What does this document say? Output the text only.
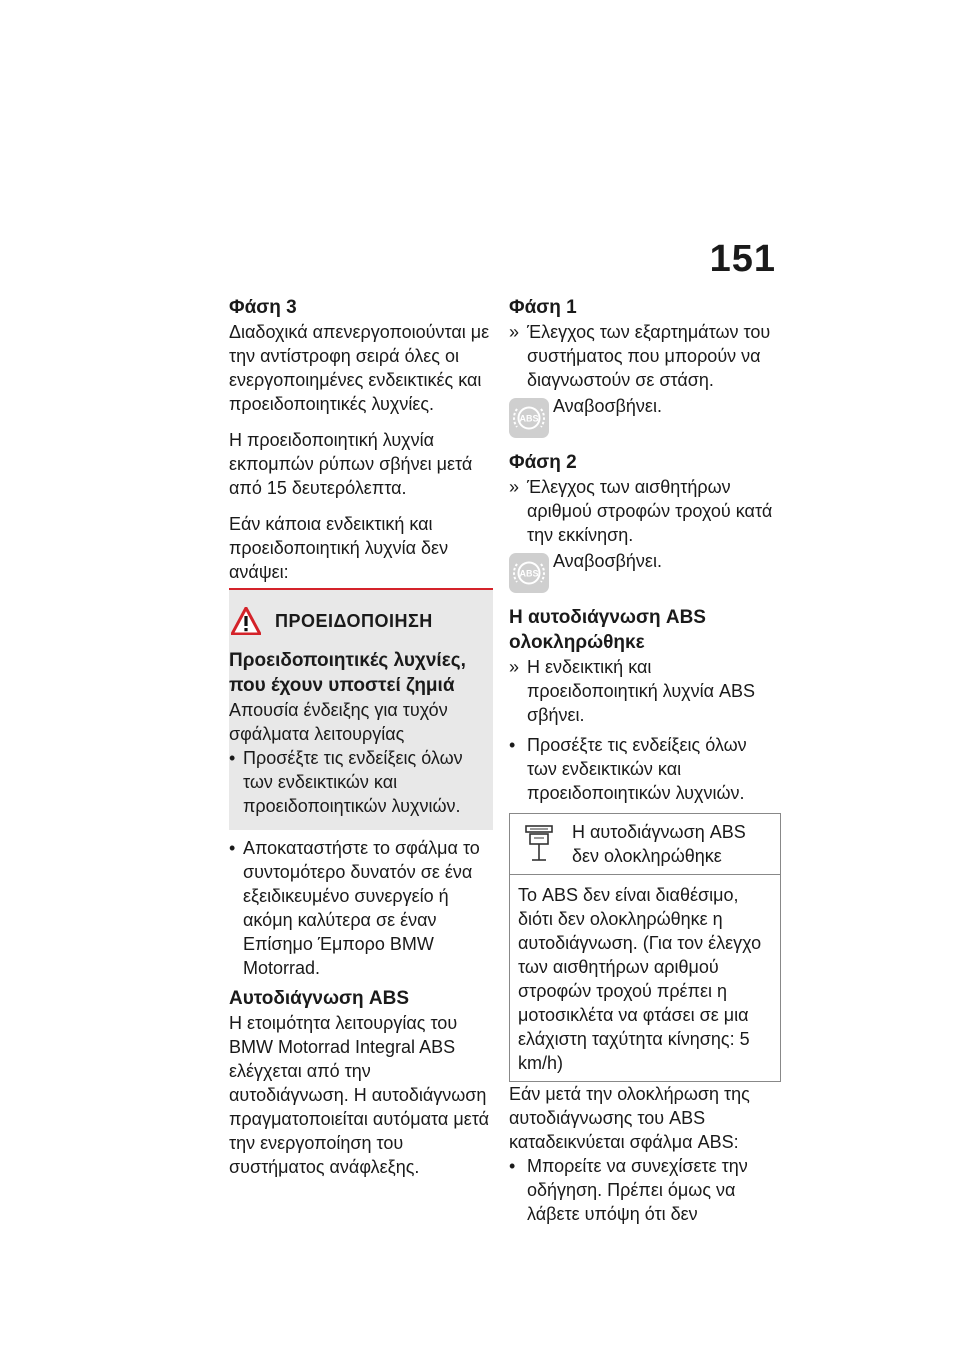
151

Φάση 3

Διαδοχικά απενεργοποιούνται με την αντίστροφη σειρά όλες οι ενεργοποιημένες ενδεικτικές και προειδοποιητικές λυχνίες.

Η προειδοποιητική λυχνία εκπομπών ρύπων σβήνει μετά από 15 δευτερόλεπτα.

Εάν κάποια ενδεικτική και προειδοποιητική λυχνία δεν ανάψει:

ΠΡΟΕΙΔΟΠΟΙΗΣΗ

Προειδοποιητικές λυχνίες, που έχουν υποστεί ζημιά

Απουσία ένδειξης για τυχόν σφάλματα λειτουργίας

• Προσέξτε τις ενδείξεις όλων των ενδεικτικών και προειδοποιητικών λυχνιών.
• Αποκαταστήστε το σφάλμα το συντομότερο δυνατόν σε ένα εξειδικευμένο συνεργείο ή ακόμη καλύτερα σε έναν Επίσημο Έμπορο BMW Motorrad.

Αυτοδιάγνωση ABS

Η ετοιμότητα λειτουργίας του BMW Motorrad Integral ABS ελέγχεται από την αυτοδιάγνωση. Η αυτοδιάγνωση πραγματοποιείται αυτόματα μετά την ενεργοποίηση του συστήματος ανάφλεξης.

Φάση 1

» Έλεγχος των εξαρτημάτων του συστήματος που μπορούν να διαγνωστούν σε στάση.
ABS
Αναβοσβήνει.

Φάση 2

» Έλεγχος των αισθητήρων αριθμού στροφών τροχού κατά την εκκίνηση.
ABS
Αναβοσβήνει.

Η αυτοδιάγνωση ABS ολοκληρώθηκε

» Η ενδεικτική και προειδοποιητική λυχνία ABS σβήνει.
• Προσέξτε τις ενδείξεις όλων των ενδεικτικών και προειδοποιητικών λυχνιών.
Η αυτοδιάγνωση ABS δεν ολοκληρώθηκε

Το ABS δεν είναι διαθέσιμο, διότι δεν ολοκληρώθηκε η αυτοδιάγνωση. (Για τον έλεγχο των αισθητήρων αριθμού στροφών τροχού πρέπει η μοτοσικλέτα να φτάσει σε μια ελάχιστη ταχύτητα κίνησης: 5 km/h)

Εάν μετά την ολοκλήρωση της αυτοδιάγνωσης του ABS καταδεικνύεται σφάλμα ABS:

• Μπορείτε να συνεχίσετε την οδήγηση. Πρέπει όμως να λάβετε υπόψη ότι δεν
